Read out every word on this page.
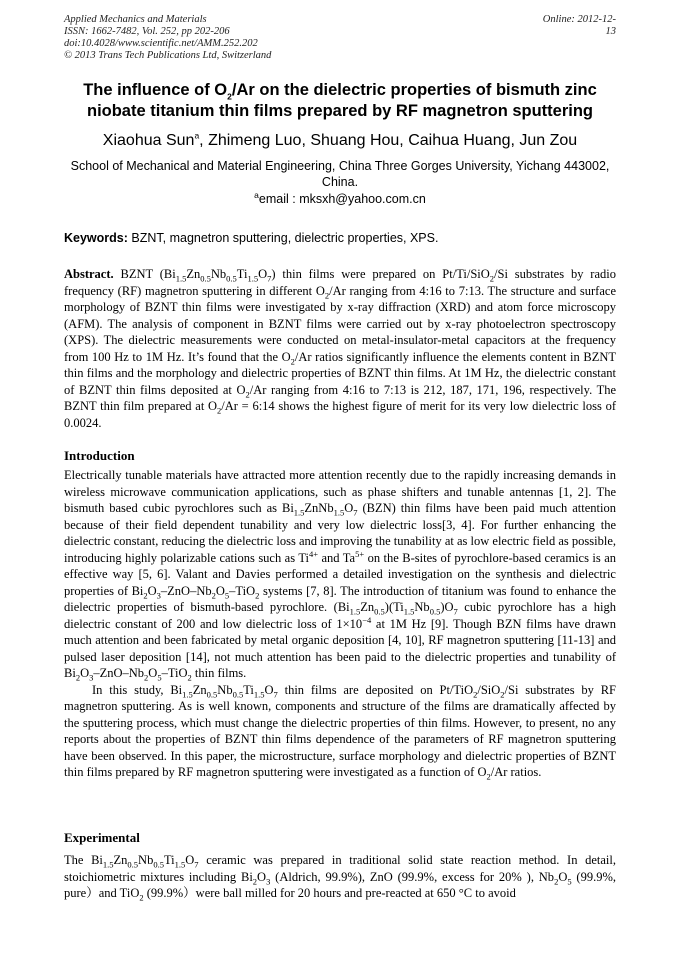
Applied Mechanics and Materials
ISSN: 1662-7482, Vol. 252, pp 202-206
doi:10.4028/www.scientific.net/AMM.252.202
© 2013 Trans Tech Publications Ltd, Switzerland
Online: 2012-12-13
The influence of $O_2/Ar$ on the dielectric properties of bismuth zinc niobate titanium thin films prepared by RF magnetron sputtering
Xiaohua Sun$^a$, Zhimeng Luo, Shuang Hou, Caihua Huang, Jun Zou
School of Mechanical and Material Engineering, China Three Gorges University, Yichang 443002, China.
$^a$email : mksxh@yahoo.com.cn
Keywords: BZNT, magnetron sputtering, dielectric properties, XPS.
Abstract. BZNT $(Bi_{1.5}Zn_{0.5}Nb_{0.5}Ti_{1.5}O_7)$ thin films were prepared on Pt/Ti/SiO$_2$/Si substrates by radio frequency (RF) magnetron sputtering in different $O_2/Ar$ ranging from 4:16 to 7:13. The structure and surface morphology of BZNT thin films were investigated by x-ray diffraction (XRD) and atom force microscopy (AFM). The analysis of component in BZNT films were carried out by x-ray photoelectron spectroscopy (XPS). The dielectric measurements were conducted on metal-insulator-metal capacitors at the frequency from 100 Hz to 1M Hz. It’s found that the $O_2/Ar$ ratios significantly influence the elements content in BZNT thin films and the morphology and dielectric properties of BZNT thin films. At 1M Hz, the dielectric constant of BZNT thin films deposited at $O_2/Ar$ ranging from 4:16 to 7:13 is 212, 187, 171, 196, respectively. The BZNT thin film prepared at $O_2/Ar$ = 6:14 shows the highest figure of merit for its very low dielectric loss of 0.0024.
Introduction
Electrically tunable materials have attracted more attention recently due to the rapidly increasing demands in wireless microwave communication applications, such as phase shifters and tunable antennas [1, 2]. The bismuth based cubic pyrochlores such as $Bi_{1.5}ZnNb_{1.5}O_7$ (BZN) thin films have been paid much attention because of their field dependent tunability and very low dielectric loss[3, 4]. For further enhancing the dielectric constant, reducing the dielectric loss and improving the tunability at as low electric field as possible, introducing highly polarizable cations such as $Ti^{4+}$ and $Ta^{5+}$ on the B-sites of pyrochlore-based ceramics is an effective way [5, 6]. Valant and Davies performed a detailed investigation on the synthesis and dielectric properties of $Bi_2O_3-ZnO-Nb_2O_5-TiO_2$ systems [7, 8]. The introduction of titanium was found to enhance the dielectric properties of bismuth-based pyrochlore. $(Bi_{1.5}Zn_{0.5})(Ti_{1.5}Nb_{0.5})O_7$ cubic pyrochlore has a high dielectric constant of 200 and low dielectric loss of $1\times 10^{-4}$ at 1M Hz [9]. Though BZN films have drawn much attention and been fabricated by metal organic deposition [4, 10], RF magnetron sputtering [11-13] and pulsed laser deposition [14], not much attention has been paid to the dielectric properties and tunability of $Bi_2O_3-ZnO-Nb_2O_5-TiO_2$ thin films.
In this study, $Bi_{1.5}Zn_{0.5}Nb_{0.5}Ti_{1.5}O_7$ thin films are deposited on Pt/TiO$_2$/SiO$_2$/Si substrates by RF magnetron sputtering. As is well known, components and structure of the films are dramatically affected by the sputtering process, which must change the dielectric properties of thin films. However, to present, no any reports about the properties of BZNT thin films dependence of the parameters of RF magnetron sputtering have been observed. In this paper, the microstructure, surface morphology and dielectric properties of BZNT thin films prepared by RF magnetron sputtering were investigated as a function of $O_2/Ar$ ratios.
Experimental
The $Bi_{1.5}Zn_{0.5}Nb_{0.5}Ti_{1.5}O_7$ ceramic was prepared in traditional solid state reaction method. In detail, stoichiometric mixtures including $Bi_2O_3$ (Aldrich, 99.9%), ZnO (99.9%, excess for 20% ), $Nb_2O_5$ (99.9%, pure）and TiO$_2$ (99.9%）were ball milled for 20 hours and pre-reacted at 650 °C to avoid
